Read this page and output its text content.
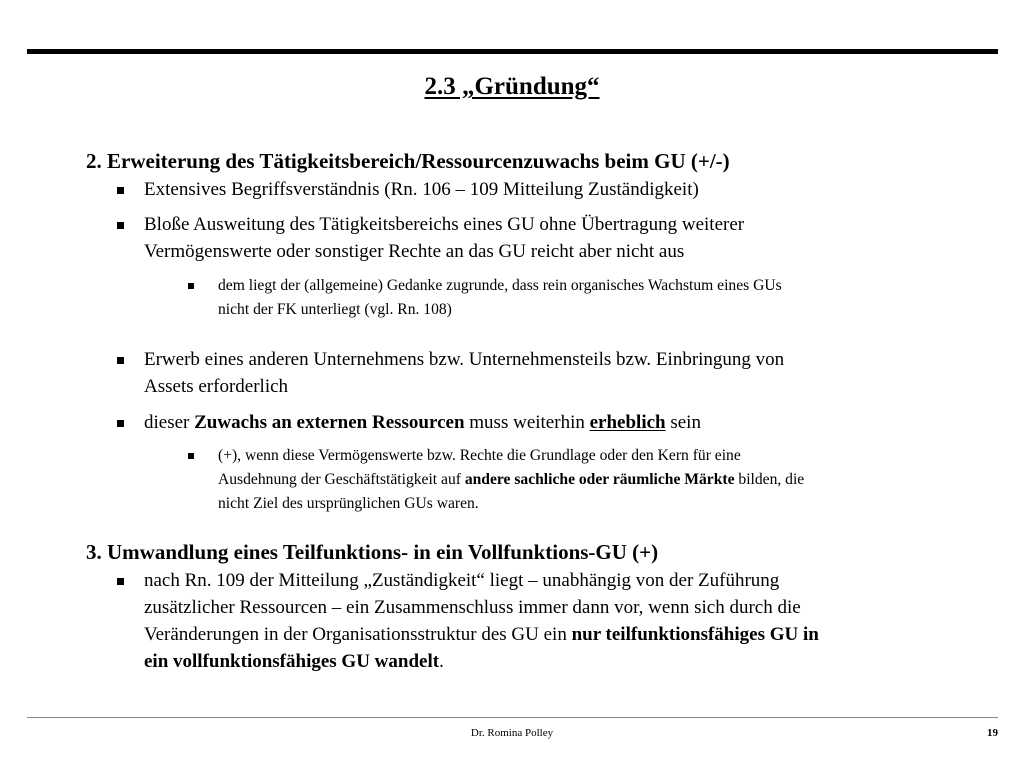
2.3 „Gründung“
2. Erweiterung des Tätigkeitsbereich/Ressourcenzuwachs beim GU (+/-)
Extensives Begriffsverständnis (Rn. 106 – 109 Mitteilung Zuständigkeit)
Bloße Ausweitung des Tätigkeitsbereichs eines GU ohne Übertragung weiterer
Vermögenswerte oder sonstiger Rechte an das GU reicht aber nicht aus
dem liegt der (allgemeine) Gedanke zugrunde, dass rein organisches Wachstum eines GUs
nicht der FK unterliegt (vgl. Rn. 108)
Erwerb eines anderen Unternehmens bzw. Unternehmensteils bzw. Einbringung von
Assets erforderlich
dieser Zuwachs an externen Ressourcen muss weiterhin erheblich sein
(+), wenn diese Vermögenswerte bzw. Rechte die Grundlage oder den Kern für eine
Ausdehnung der Geschäftstätigkeit auf andere sachliche oder räumliche Märkte bilden, die
nicht Ziel des ursprünglichen GUs waren.
3. Umwandlung eines Teilfunktions- in ein Vollfunktions-GU (+)
nach Rn. 109 der Mitteilung „Zuständigkeit“ liegt – unabhängig von der Zuführung
zusätzlicher Ressourcen – ein Zusammenschluss immer dann vor, wenn sich durch die
Veränderungen in der Organisationsstruktur des GU ein nur teilfunktionsfähiges GU in
ein vollfunktionsfähiges GU wandelt.
Dr. Romina Polley	19
